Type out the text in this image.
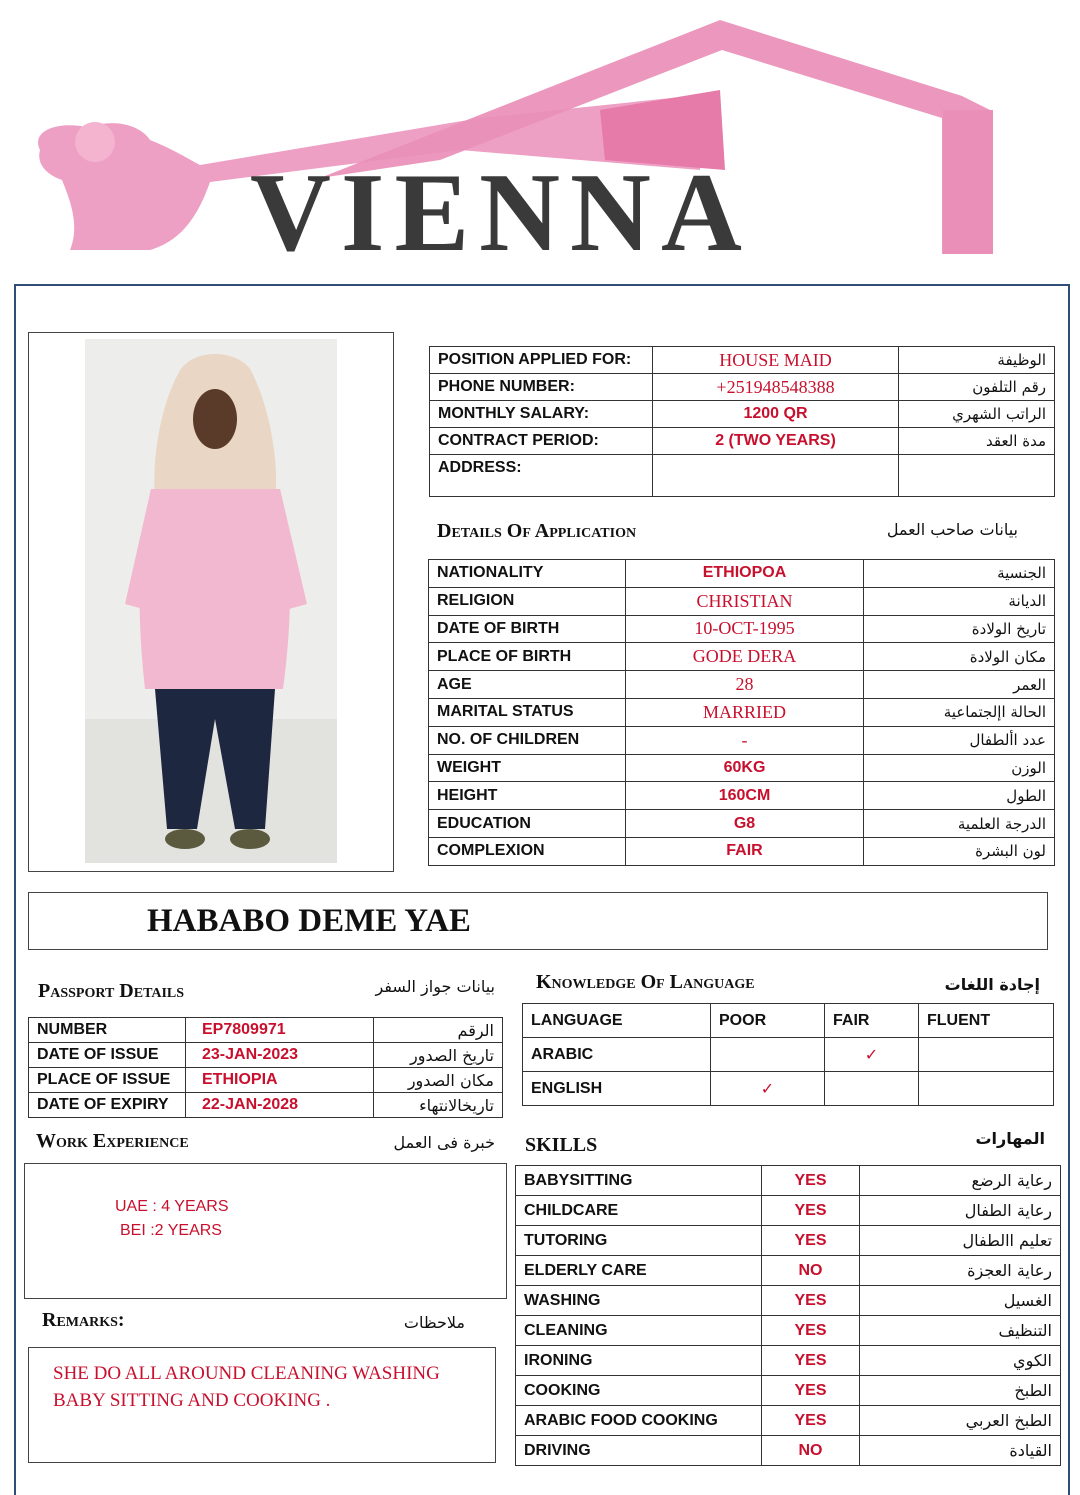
VIENNA
POSITION APPLIED FOR:	HOUSE MAID	الوظيفة
PHONE NUMBER:	+251948548388	رقم التلفون
MONTHLY SALARY:	1200 QR	الراتب الشهري
CONTRACT PERIOD:	2 (TWO YEARS)	مدة العقد
ADDRESS:		
Details Of Application	بيانات صاحب العمل
NATIONALITY	ETHIOPOA	الجنسية
RELIGION	CHRISTIAN	الديانة
DATE OF BIRTH	10-OCT-1995	تاريخ الولادة
PLACE OF BIRTH	GODE DERA	مكان الولادة
AGE	28	العمر
MARITAL STATUS	MARRIED	الحالة اإلجتماعية
NO. OF CHILDREN	-	عدد األطفال
WEIGHT	60KG	الوزن
HEIGHT	160CM	الطول
EDUCATION	G8	الدرجة العلمية
COMPLEXION	FAIR	لون البشرة
HABABO DEME YAE
Passport Details	بيانات جواز السفر
NUMBER	EP7809971	الرقم
DATE OF ISSUE	23-JAN-2023	تاريخ الصدور
PLACE OF ISSUE	ETHIOPIA	مكان الصدور
DATE OF EXPIRY	22-JAN-2028	تاريخالانتهاء
Knowledge Of Language	إجادة اللغات
LANGUAGE	POOR	FAIR	FLUENT
ARABIC		✓	
ENGLISH	✓		
Work Experience	خبرة فى العمل
UAE : 4 YEARS
BEI :2 YEARS
Remarks:	ملاحظات
SHE DO ALL AROUND CLEANING WASHING BABY SITTING AND COOKING .
SKILLS	المهارات
BABYSITTING	YES	رعاية الرضع
CHILDCARE	YES	رعاية الطفال
TUTORING	YES	تعليم االطفال
ELDERLY CARE	NO	رعاية العجزة
WASHING	YES	الغسيل
CLEANING	YES	التنظيف
IRONING	YES	الكوي
COOKING	YES	الطبخ
ARABIC FOOD COOKING	YES	الطبخ العربي
DRIVING	NO	القيادة
